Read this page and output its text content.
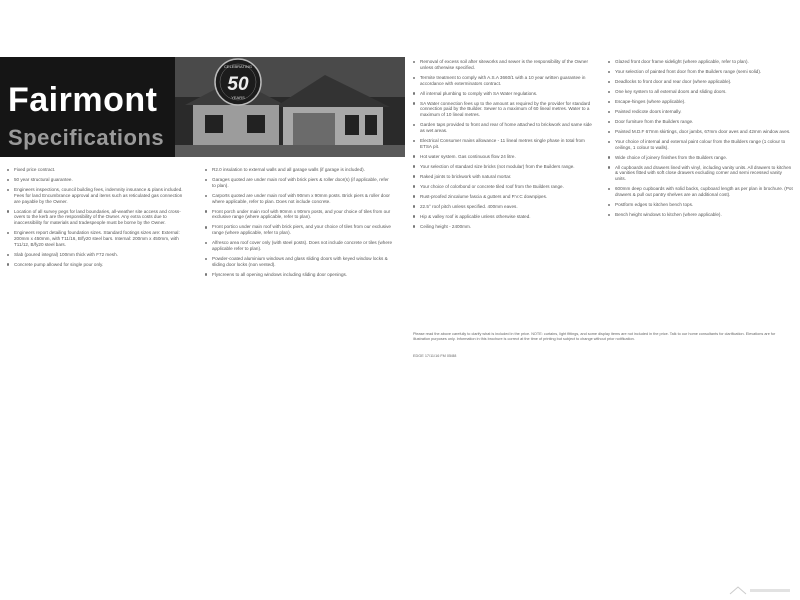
Fairmont
Specifications
CELEBRATING
50
YEARS
Fixed price contract.
50 year structural guarantee.
Engineers inspections, council building fees, indemnity insurance & plans included. Fees for land Encumbrance approval and items such as reticulated gas connection are payable by the Owner.
Location of all survey pegs for land boundaries, all-weather site access and cross-overs to the kerb are the responsibility of the Owner. Any extra costs due to inaccessibility for materials and tradespeople must be borne by the Owner.
Engineers report detailing foundation sizes. Standard footings sizes are: External: 200mm x 450mm, with T11/16, B/fy20 steel bars. Internal: 200mm x 450mm, with T11/12, B/fy20 steel bars.
Slab (poured integral) 100mm thick with F72 mesh.
Concrete pump allowed for single pour only.
R2.0 insulation to external walls and all garage walls (if garage is included).
Garages quoted are under main roof with brick piers & roller door(s) (if applicable, refer to plan).
Carports quoted are under main roof with 90mm x 90mm posts. Brick piers & roller door where applicable, refer to plan. Does not include concrete.
Front porch under main roof with 90mm x 90mm posts, and your choice of tiles from our exclusive range (where applicable, refer to plan).
Front portico under main roof with brick piers, and your choice of tiles from our exclusive range (where applicable, refer to plan).
Alfresco area roof cover only (with steel posts). Does not include concrete or tiles (where applicable refer to plan).
Powder-coated aluminium windows and glass sliding doors with keyed window locks & sliding door locks (non vented).
Flyscreens to all opening windows including sliding door openings.
Removal of excess soil after siteworks and sewer is the responsibility of the Owner unless otherwise specified.
Termite treatment to comply with A.S.A 3660/1 with a 10 year written guarantee in accordance with exterminators contract.
All internal plumbing to comply with SA Water regulations.
SA Water connection fees up to the amount as required by the provider for standard connection paid by the Builder. Sewer to a maximum of 60 lineal metres. Water to a maximum of 10 lineal metres.
Garden taps provided to front and rear of home attached to brickwork and same side as wet areas.
Electrical Consumer mains allowance - 11 lineal metres single phase in total from ETSA pit.
Hot water system. Gas continuous flow 24 litre.
Your selection of standard size bricks (not modular) from the Builders range.
Raked joints to brickwork with natural mortar.
Your choice of colorbond or concrete tiled roof from the Builders range.
Rust-proofed zincalume fascia & gutters and P.V.C downpipes.
22.5° roof pitch unless specified. 400mm eaves.
Hip & valley roof is applicable unless otherwise stated.
Ceiling height - 2400mm.
Glazed front door frame sidelight (where applicable, refer to plan).
Your selection of painted front door from the Builders range (semi solid).
Deadlocks to front door and rear door (where applicable).
One key system to all external doors and sliding doors.
Escape-hinges (where applicable).
Painted redicote doors internally.
Door furniture from the Builders range.
Painted M.D.F 67mm skirtings, door jambs, 67mm door aves and 42mm window aves.
Your choice of internal and external paint colour from the Builders range (1 colour to ceilings, 1 colour to walls).
Wide choice of joinery finishes from the Builders range.
All cupboards and drawers lined with vinyl, including vanity units. All drawers to kitchen & vanities fitted with soft close drawers excluding corner and semi recessed vanity units.
600mm deep cupboards with solid backs, cupboard length as per plan in brochure. (Pot drawers & pull out pantry shelves are an additional cost).
Postform edges to kitchen bench tops.
Bench height windows to kitchen (where applicable).
Please read the above carefully to clarify what is included in the price. NOTE: curtains, light fittings, and some display items are not included in the price. Talk to our home consultants for clarification. Elevations are for illustration purposes only. Information in this brochure is correct at the time of printing but subject to change without prior notification.
EDGE 17/11/16 FM 05/88
